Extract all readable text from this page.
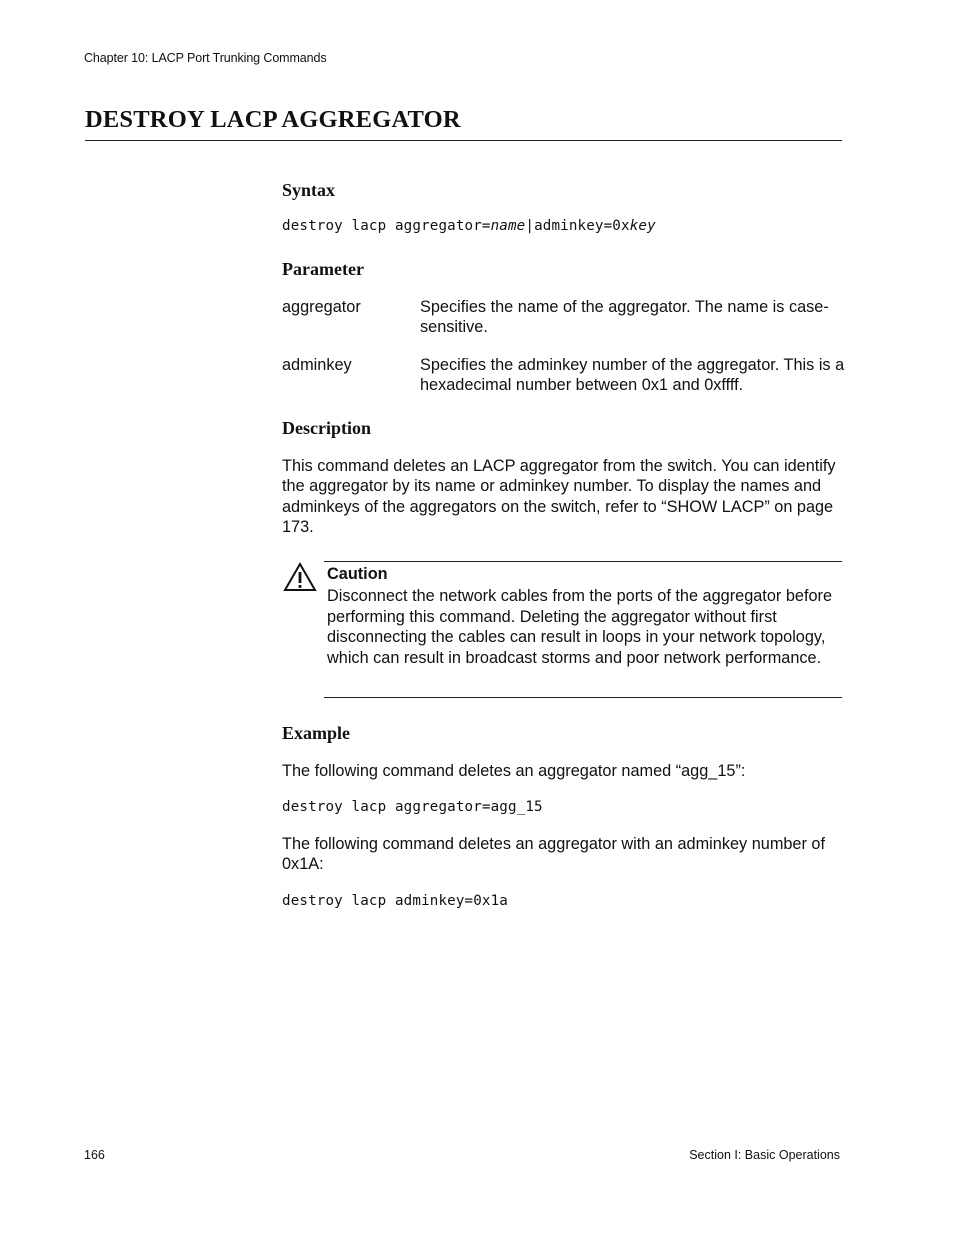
Chapter 10: LACP Port Trunking Commands
DESTROY LACP AGGREGATOR
Syntax
destroy lacp aggregator=name|adminkey=0xkey
Parameter
aggregator	Specifies the name of the aggregator. The name is case-sensitive.
adminkey	Specifies the adminkey number of the aggregator. This is a hexadecimal number between 0x1 and 0xffff.
Description
This command deletes an LACP aggregator from the switch. You can identify the aggregator by its name or adminkey number. To display the names and adminkeys of the aggregators on the switch, refer to “SHOW LACP” on page 173.
Caution
Disconnect the network cables from the ports of the aggregator before performing this command. Deleting the aggregator without first disconnecting the cables can result in loops in your network topology, which can result in broadcast storms and poor network performance.
Example
The following command deletes an aggregator named “agg_15”:
destroy lacp aggregator=agg_15
The following command deletes an aggregator with an adminkey number of 0x1A:
destroy lacp adminkey=0x1a
166	Section I: Basic Operations
